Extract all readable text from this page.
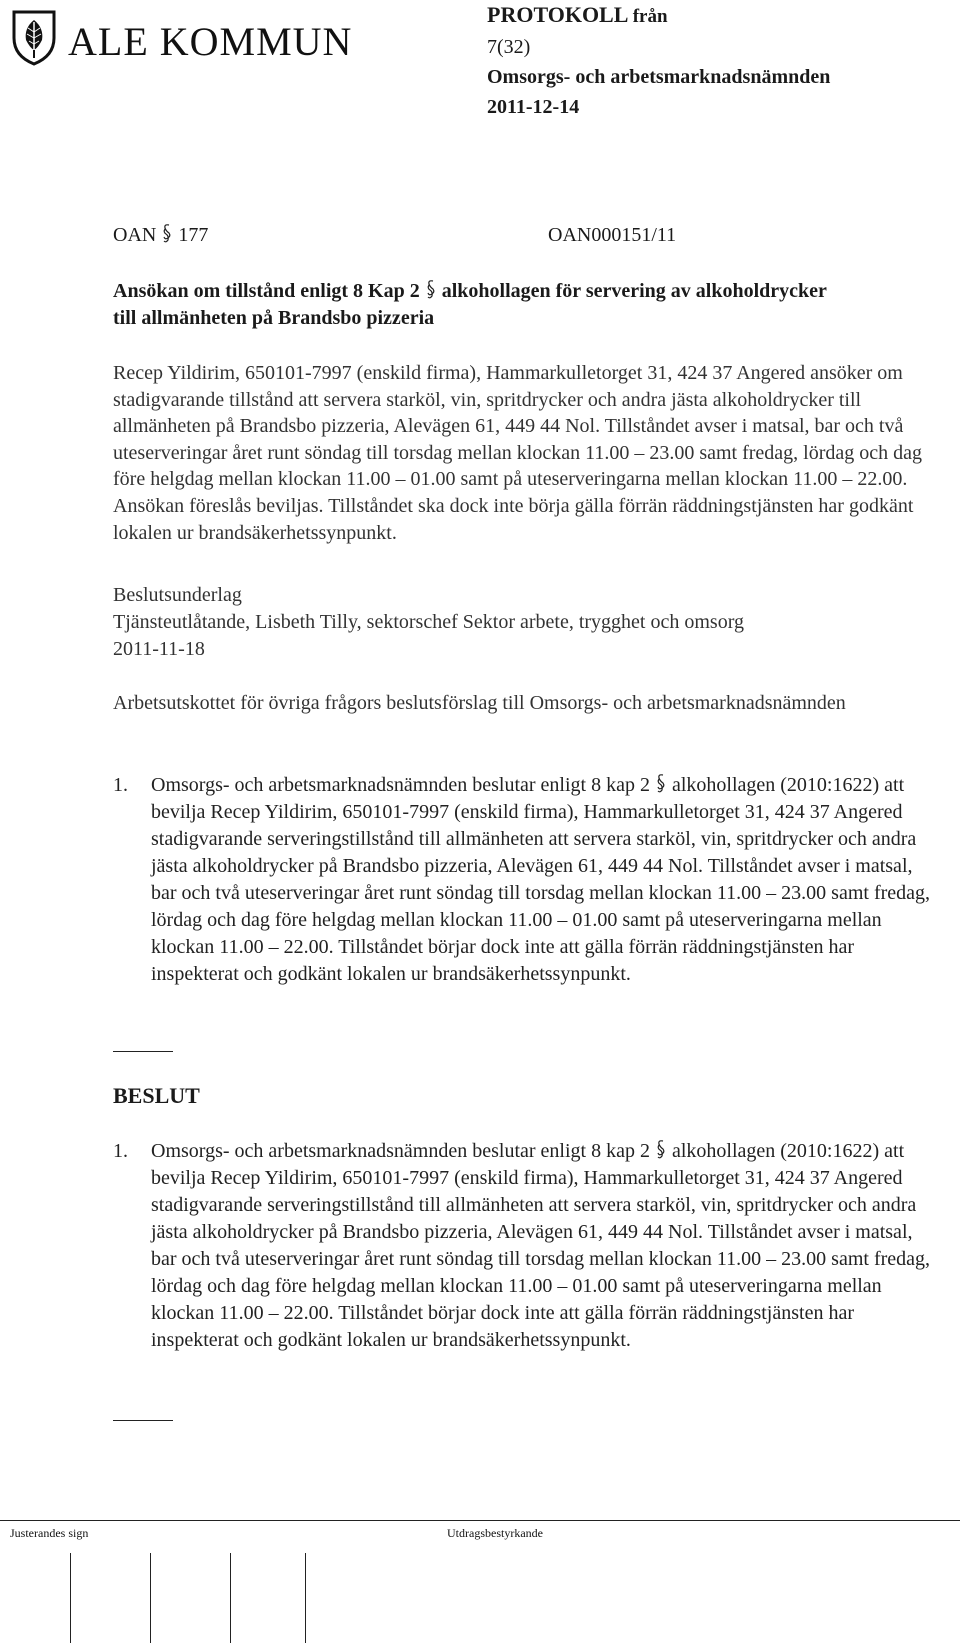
ALE KOMMUN
PROTOKOLL från
7(32)
Omsorgs- och arbetsmarknadsnämnden
2011-12-14
OAN 177	OAN000151/11
Ansökan om tillstånd enligt 8 Kap 2 alkohollagen för servering av alkoholdrycker till allmänheten på Brandsbo pizzeria
Recep Yildirim, 650101-7997 (enskild firma), Hammarkulletorget 31, 424 37 Angered ansöker om stadigvarande tillstånd att servera starköl, vin, spritdrycker och andra jästa alkoholdrycker till allmänheten på Brandsbo pizzeria, Alevägen 61, 449 44 Nol. Tillståndet avser i matsal, bar och två uteserveringar året runt söndag till torsdag mellan klockan 11.00 – 23.00 samt fredag, lördag och dag före helgdag mellan klockan 11.00 – 01.00 samt på uteserveringarna mellan klockan 11.00 – 22.00. Ansökan föreslås beviljas. Tillståndet ska dock inte börja gälla förrän räddningstjänsten har godkänt lokalen ur brandsäkerhetssynpunkt.
Beslutsunderlag
Tjänsteutlåtande, Lisbeth Tilly, sektorschef Sektor arbete, trygghet och omsorg
2011-11-18
Arbetsutskottet för övriga frågors beslutsförslag till Omsorgs- och arbetsmarknadsnämnden
1. Omsorgs- och arbetsmarknadsnämnden beslutar enligt 8 kap 2 alkohollagen (2010:1622) att bevilja Recep Yildirim, 650101-7997 (enskild firma), Hammarkulletorget 31, 424 37 Angered stadigvarande serveringstillstånd till allmänheten att servera starköl, vin, spritdrycker och andra jästa alkoholdrycker på Brandsbo pizzeria, Alevägen 61, 449 44 Nol. Tillståndet avser i matsal, bar och två uteserveringar året runt söndag till torsdag mellan klockan 11.00 – 23.00 samt fredag, lördag och dag före helgdag mellan klockan 11.00 – 01.00 samt på uteserveringarna mellan klockan 11.00 – 22.00. Tillståndet börjar dock inte att gälla förrän räddningstjänsten har inspekterat och godkänt lokalen ur brandsäkerhetssynpunkt.
BESLUT
1. Omsorgs- och arbetsmarknadsnämnden beslutar enligt 8 kap 2 alkohollagen (2010:1622) att bevilja Recep Yildirim, 650101-7997 (enskild firma), Hammarkulletorget 31, 424 37 Angered stadigvarande serveringstillstånd till allmänheten att servera starköl, vin, spritdrycker och andra jästa alkoholdrycker på Brandsbo pizzeria, Alevägen 61, 449 44 Nol. Tillståndet avser i matsal, bar och två uteserveringar året runt söndag till torsdag mellan klockan 11.00 – 23.00 samt fredag, lördag och dag före helgdag mellan klockan 11.00 – 01.00 samt på uteserveringarna mellan klockan 11.00 – 22.00. Tillståndet börjar dock inte att gälla förrän räddningstjänsten har inspekterat och godkänt lokalen ur brandsäkerhetssynpunkt.
Justerandes sign	Utdragsbestyrkande
